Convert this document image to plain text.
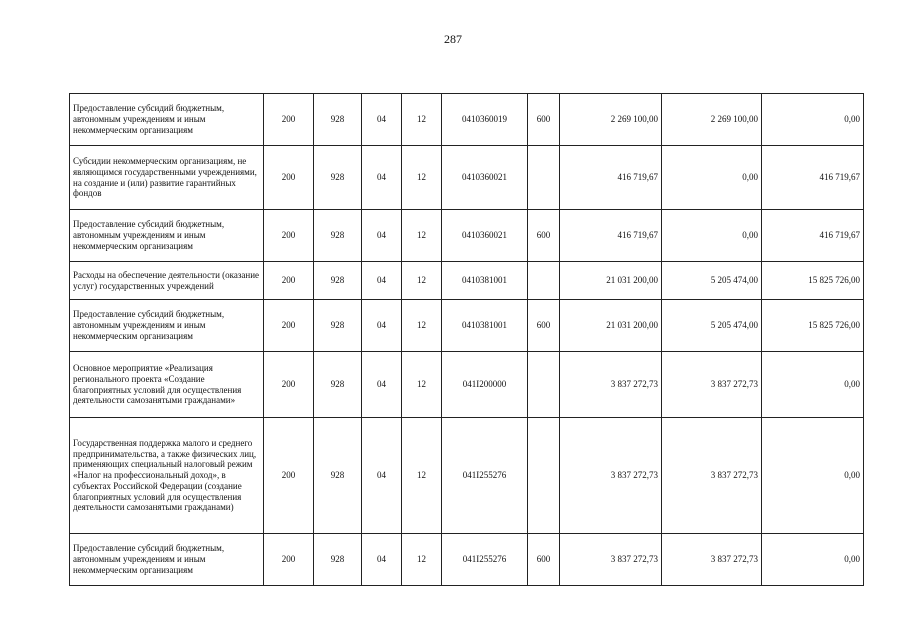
287
Предоставление субсидий бюджетным, автономным учреждениям и иным некоммерческим организациям	200	928	04	12	0410360019	600	2 269 100,00	2 269 100,00	0,00
Субсидии некоммерческим организациям, не являющимся государственными учреждениями, на создание и (или) развитие гарантийных фондов	200	928	04	12	0410360021		416 719,67	0,00	416 719,67
Предоставление субсидий бюджетным, автономным учреждениям и иным некоммерческим организациям	200	928	04	12	0410360021	600	416 719,67	0,00	416 719,67
Расходы на обеспечение деятельности (оказание услуг) государственных учреждений	200	928	04	12	0410381001		21 031 200,00	5 205 474,00	15 825 726,00
Предоставление субсидий бюджетным, автономным учреждениям и иным некоммерческим организациям	200	928	04	12	0410381001	600	21 031 200,00	5 205 474,00	15 825 726,00
Основное мероприятие «Реализация регионального проекта «Создание благоприятных условий для осуществления деятельности самозанятыми гражданами»	200	928	04	12	041I200000		3 837 272,73	3 837 272,73	0,00
Государственная поддержка малого и среднего предпринимательства, а также физических лиц, применяющих специальный налоговый режим «Налог на профессиональный доход», в субъектах Российской Федерации (создание благоприятных условий для осуществления деятельности самозанятыми гражданами)	200	928	04	12	041I255276		3 837 272,73	3 837 272,73	0,00
Предоставление субсидий бюджетным, автономным учреждениям и иным некоммерческим организациям	200	928	04	12	041I255276	600	3 837 272,73	3 837 272,73	0,00
